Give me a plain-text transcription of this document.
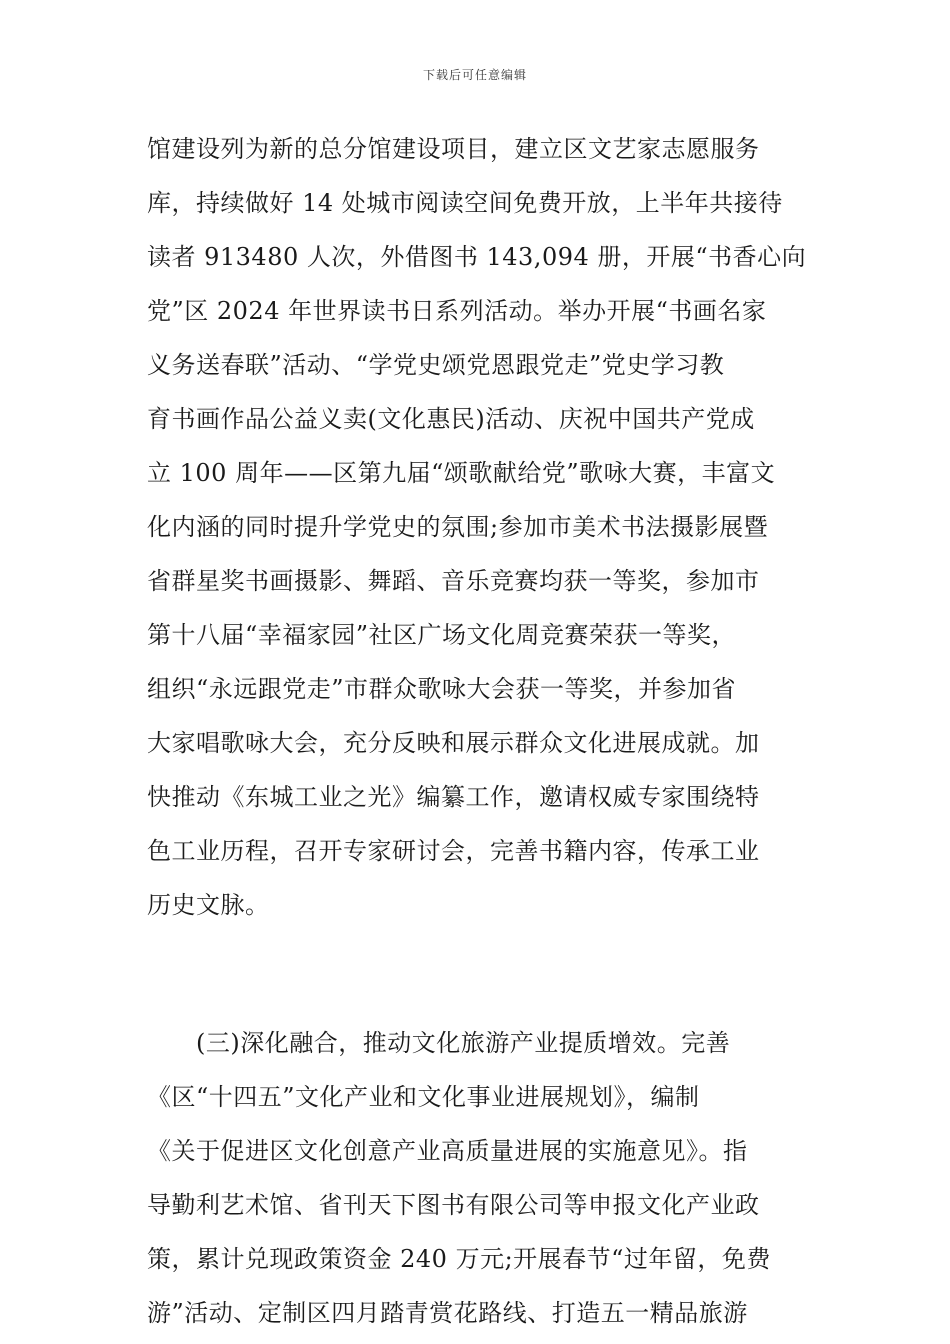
下载后可任意编辑
馆建设列为新的总分馆建设项目，建立区文艺家志愿服务
库，持续做好 14 处城市阅读空间免费开放，上半年共接待
读者 913480 人次，外借图书 143,094 册，开展“书香心向
党”区 2024 年世界读书日系列活动。举办开展“书画名家
义务送春联”活动、“学党史颂党恩跟党走”党史学习教
育书画作品公益义卖(文化惠民)活动、庆祝中国共产党成
立 100 周年——区第九届“颂歌献给党”歌咏大赛，丰富文
化内涵的同时提升学党史的氛围;参加市美术书法摄影展暨
省群星奖书画摄影、舞蹈、音乐竞赛均获一等奖，参加市
第十八届“幸福家园”社区广场文化周竞赛荣获一等奖，
组织“永远跟党走”市群众歌咏大会获一等奖，并参加省
大家唱歌咏大会，充分反映和展示群众文化进展成就。加
快推动《东城工业之光》编纂工作，邀请权威专家围绕特
色工业历程，召开专家研讨会，完善书籍内容，传承工业
历史文脉。
　　(三)深化融合，推动文化旅游产业提质增效。完善
《区“十四五”文化产业和文化事业进展规划》，编制
《关于促进区文化创意产业高质量进展的实施意见》。指
导勤利艺术馆、省刊天下图书有限公司等申报文化产业政
策，累计兑现政策资金 240 万元;开展春节“过年留，免费
游”活动、定制区四月踏青赏花路线、打造五一精品旅游
